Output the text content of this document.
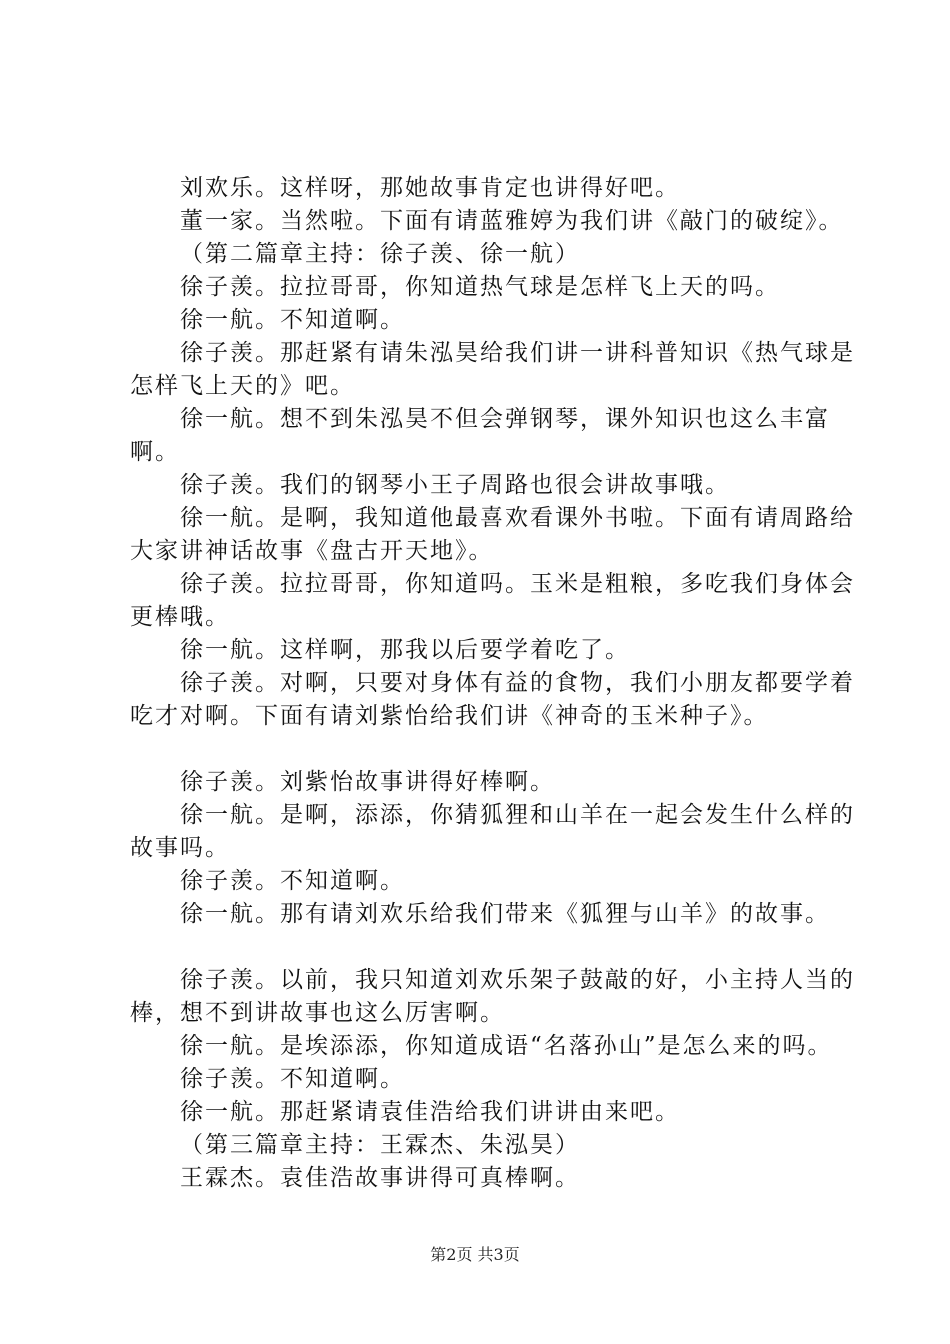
刘欢乐。这样呀，那她故事肯定也讲得好吧。

董一家。当然啦。下面有请蓝雅婷为我们讲《敲门的破绽》。

（第二篇章主持：徐子羡、徐一航）

徐子羡。拉拉哥哥，你知道热气球是怎样飞上天的吗。

徐一航。不知道啊。

徐子羡。那赶紧有请朱泓昊给我们讲一讲科普知识《热气球是怎样飞上天的》吧。

徐一航。想不到朱泓昊不但会弹钢琴，课外知识也这么丰富啊。

徐子羡。我们的钢琴小王子周路也很会讲故事哦。

徐一航。是啊，我知道他最喜欢看课外书啦。下面有请周路给大家讲神话故事《盘古开天地》。

徐子羡。拉拉哥哥，你知道吗。玉米是粗粮，多吃我们身体会更棒哦。

徐一航。这样啊，那我以后要学着吃了。

徐子羡。对啊，只要对身体有益的食物，我们小朋友都要学着吃才对啊。下面有请刘紫怡给我们讲《神奇的玉米种子》。

徐子羡。刘紫怡故事讲得好棒啊。

徐一航。是啊，添添，你猜狐狸和山羊在一起会发生什么样的故事吗。

徐子羡。不知道啊。

徐一航。那有请刘欢乐给我们带来《狐狸与山羊》的故事。

徐子羡。以前，我只知道刘欢乐架子鼓敲的好，小主持人当的棒，想不到讲故事也这么厉害啊。

徐一航。是埃添添，你知道成语“名落孙山”是怎么来的吗。

徐子羡。不知道啊。

徐一航。那赶紧请袁佳浩给我们讲讲由来吧。

（第三篇章主持：王霖杰、朱泓昊）

王霖杰。袁佳浩故事讲得可真棒啊。

第2页 共3页
